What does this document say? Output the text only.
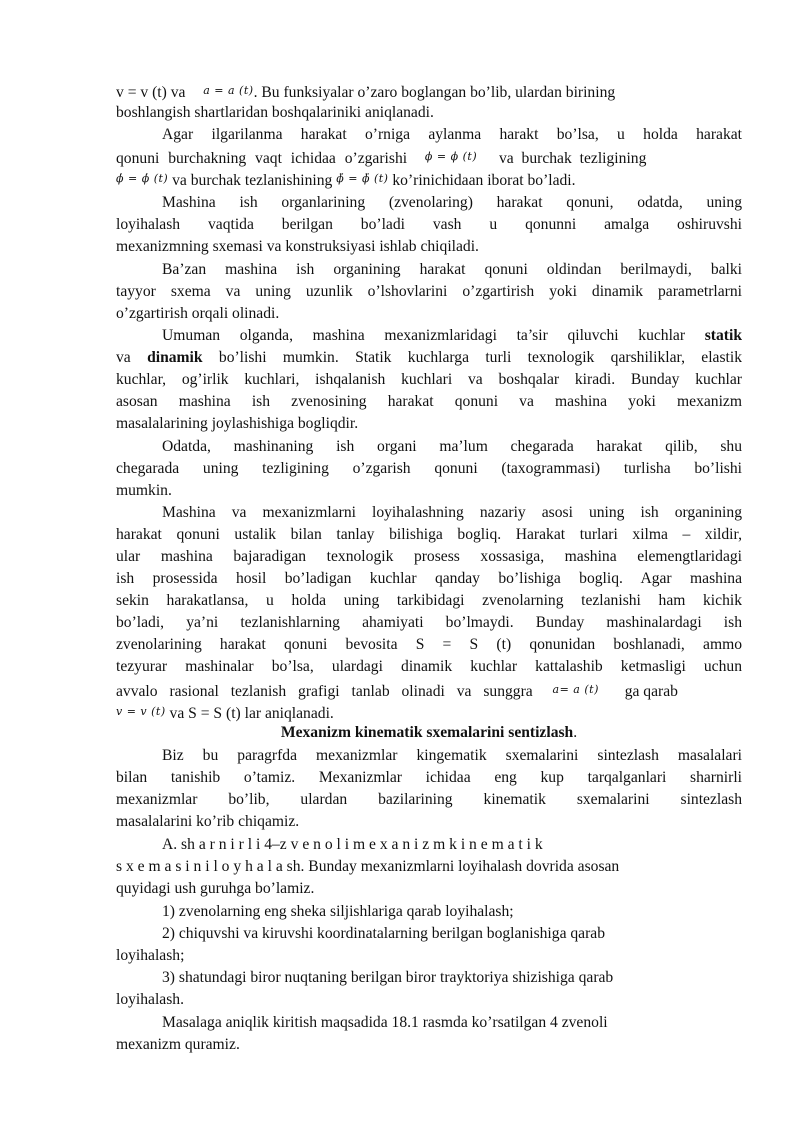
v = v (t) va a = a (t). Bu funksiyalar o’zaro boglangan bo’lib, ulardan birining
boshlangish shartlaridan boshqalariniki aniqlanadi.
Agar ilgarilanma harakat o’rniga aylanma harakt bo’lsa, u holda harakat
qonuni burchakning vaqt ichidaa o’zgarishi ϕ = ϕ (t) va burchak tezligining
ϕ̇ = ϕ̇ (t) va burchak tezlanishining ϕ̈ = ϕ̈ (t) ko’rinichidaan iborat bo’ladi.
Mashina ish organlarining (zvenolaring) harakat qonuni, odatda, uning
loyihalash vaqtida berilgan bo’ladi vash u qonunni amalga oshiruvshi
mexanizmning sxemasi va konstruksiyasi ishlab chiqiladi.
Ba’zan mashina ish organining harakat qonuni oldindan berilmaydi, balki
tayyor sxema va uning uzunlik o’lshovlarini o’zgartirish yoki dinamik parametrlarni
o’zgartirish orqali olinadi.
Umuman olganda, mashina mexanizmlaridagi ta’sir qiluvchi kuchlar statik
va dinamik bo’lishi mumkin. Statik kuchlarga turli texnologik qarshiliklar, elastik
kuchlar, og’irlik kuchlari, ishqalanish kuchlari va boshqalar kiradi. Bunday kuchlar
asosan mashina ish zvenosining harakat qonuni va mashina yoki mexanizm
masalalarining joylashishiga bogliqdir.
Odatda, mashinaning ish organi ma’lum chegarada harakat qilib, shu
chegarada uning tezligining o’zgarish qonuni (taxogrammasi) turlisha bo’lishi
mumkin.
Mashina va mexanizmlarni loyihalashning nazariy asosi uning ish organining
harakat qonuni ustalik bilan tanlay bilishiga bogliq. Harakat turlari xilma – xildir,
ular mashina bajaradigan texnologik prosess xossasiga, mashina elemengtlaridagi
ish prosessida hosil bo’ladigan kuchlar qanday bo’lishiga bogliq. Agar mashina
sekin harakatlansa, u holda uning tarkibidagi zvenolarning tezlanishi ham kichik
bo’ladi, ya’ni tezlanishlarning ahamiyati bo’lmaydi. Bunday mashinalardagi ish
zvenolarining harakat qonuni bevosita S = S (t) qonunidan boshlanadi, ammo
tezyurar mashinalar bo’lsa, ulardagi dinamik kuchlar kattalashib ketmasligi uchun
avvalo rasional tezlanish grafigi tanlab olinadi va sunggra a= a (t) ga qarab
v = v (t) va S = S (t) lar aniqlanadi.
Mexanizm kinematik sxemalarini sentizlash.
Biz bu paragrfda mexanizmlar kingematik sxemalarini sintezlash masalalari
bilan tanishib o’tamiz. Mexanizmlar ichidaa eng kup tarqalganlari sharnirli
mexanizmlar bo’lib, ulardan bazilarining kinematik sxemalarini sintezlash
masalalarini ko’rib chiqamiz.
A. sh a r n i r l i 4–z v e n o l i m e x a n i z m k i n e m a t i k
s x e m a s i n i l o y h a l a sh. Bunday mexanizmlarni loyihalash dovrida asosan
quyidagi ush guruhga bo’lamiz.
1) zvenolarning eng sheka siljishlariga qarab loyihalash;
2) chiquvshi va kiruvshi koordinatalarning berilgan boglanishiga qarab
loyihalash;
3) shatundagi biror nuqtaning berilgan biror trayktoriya shizishiga qarab
loyihalash.
Masalaga aniqlik kiritish maqsadida 18.1 rasmda ko’rsatilgan 4 zvenoli
mexanizm quramiz.
